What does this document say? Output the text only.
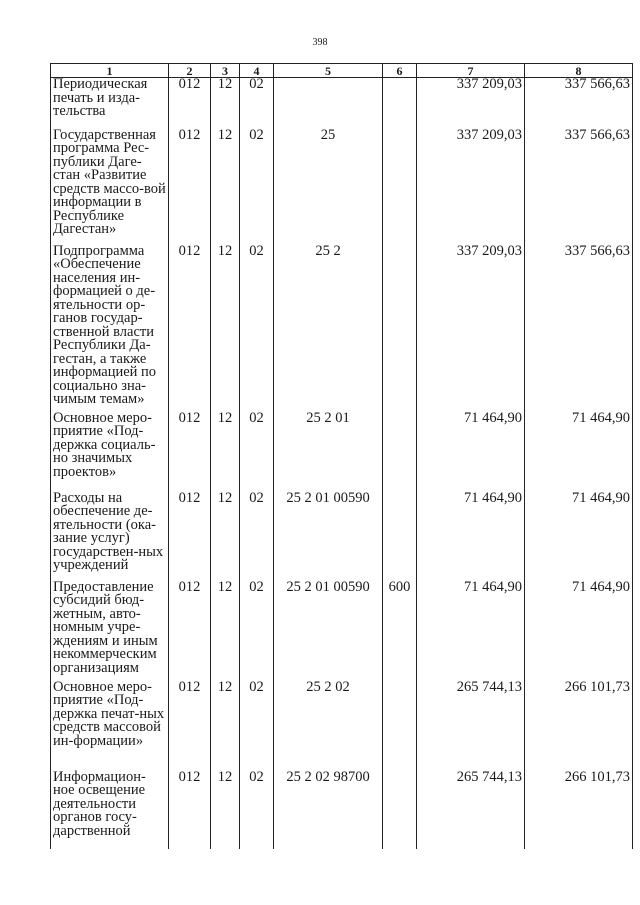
398
1	2	3	4	5	6	7	8
Периодическая печать и изда-тельства	012	12	02			337 209,03	337 566,63
Государственная программа Рес-публики Даге-стан «Развитие средств массо-вой информации в Республике Дагестан»	012	12	02	25		337 209,03	337 566,63
Подпрограмма «Обеспечение населения ин-формацией о де-ятельности ор-ганов государ-ственной власти Республики Да-гестан, а также информацией по социально зна-чимым темам»	012	12	02	25 2		337 209,03	337 566,63
Основное меро-приятие «Под-держка социаль-но значимых проектов»	012	12	02	25 2 01		71 464,90	71 464,90
Расходы на обеспечение де-ятельности (ока-зание услуг) государствен-ных учреждений	012	12	02	25 2 01 00590		71 464,90	71 464,90
Предоставление субсидий бюд-жетным, авто-номным учре-ждениям и иным некоммерческим организациям	012	12	02	25 2 01 00590	600	71 464,90	71 464,90
Основное меро-приятие «Под-держка печат-ных средств массовой ин-формации»	012	12	02	25 2 02		265 744,13	266 101,73
Информацион-ное освещение деятельности органов госу-дарственной	012	12	02	25 2 02 98700		265 744,13	266 101,73
